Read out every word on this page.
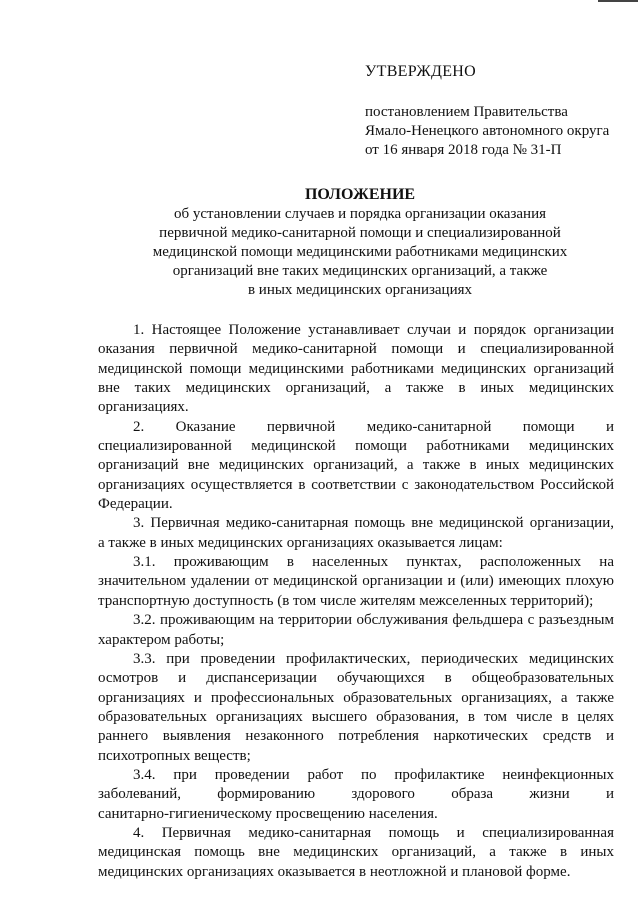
УТВЕРЖДЕНО
постановлением Правительства
Ямало-Ненецкого автономного округа
от 16 января 2018 года № 31-П
ПОЛОЖЕНИЕ
об установлении случаев и порядка организации оказания
первичной медико-санитарной помощи и специализированной
медицинской помощи медицинскими работниками медицинских
организаций вне таких медицинских организаций, а также
в иных медицинских организациях
1. Настоящее Положение устанавливает случаи и порядок организации
оказания первичной медико-санитарной помощи и специализированной
медицинской помощи медицинскими работниками медицинских организаций
вне таких медицинских организаций, а также в иных медицинских
организациях.
2. Оказание первичной медико-санитарной помощи и
специализированной медицинской помощи работниками медицинских
организаций вне медицинских организаций, а также в иных медицинских
организациях осуществляется в соответствии с законодательством Российской
Федерации.
3. Первичная медико-санитарная помощь вне медицинской организации,
а также в иных медицинских организациях оказывается лицам:
3.1. проживающим в населенных пунктах, расположенных на
значительном удалении от медицинской организации и (или) имеющих плохую
транспортную доступность (в том числе жителям межселенных территорий);
3.2. проживающим на территории обслуживания фельдшера с разъездным
характером работы;
3.3. при проведении профилактических, периодических медицинских
осмотров и диспансеризации обучающихся в общеобразовательных
организациях и профессиональных образовательных организациях, а также
образовательных организациях высшего образования, в том числе в целях
раннего выявления незаконного потребления наркотических средств и
психотропных веществ;
3.4. при проведении работ по профилактике неинфекционных
заболеваний, формированию здорового образа жизни и
санитарно-гигиеническому просвещению населения.
4. Первичная медико-санитарная помощь и специализированная
медицинская помощь вне медицинских организаций, а также в иных
медицинских организациях оказывается в неотложной и плановой форме.
